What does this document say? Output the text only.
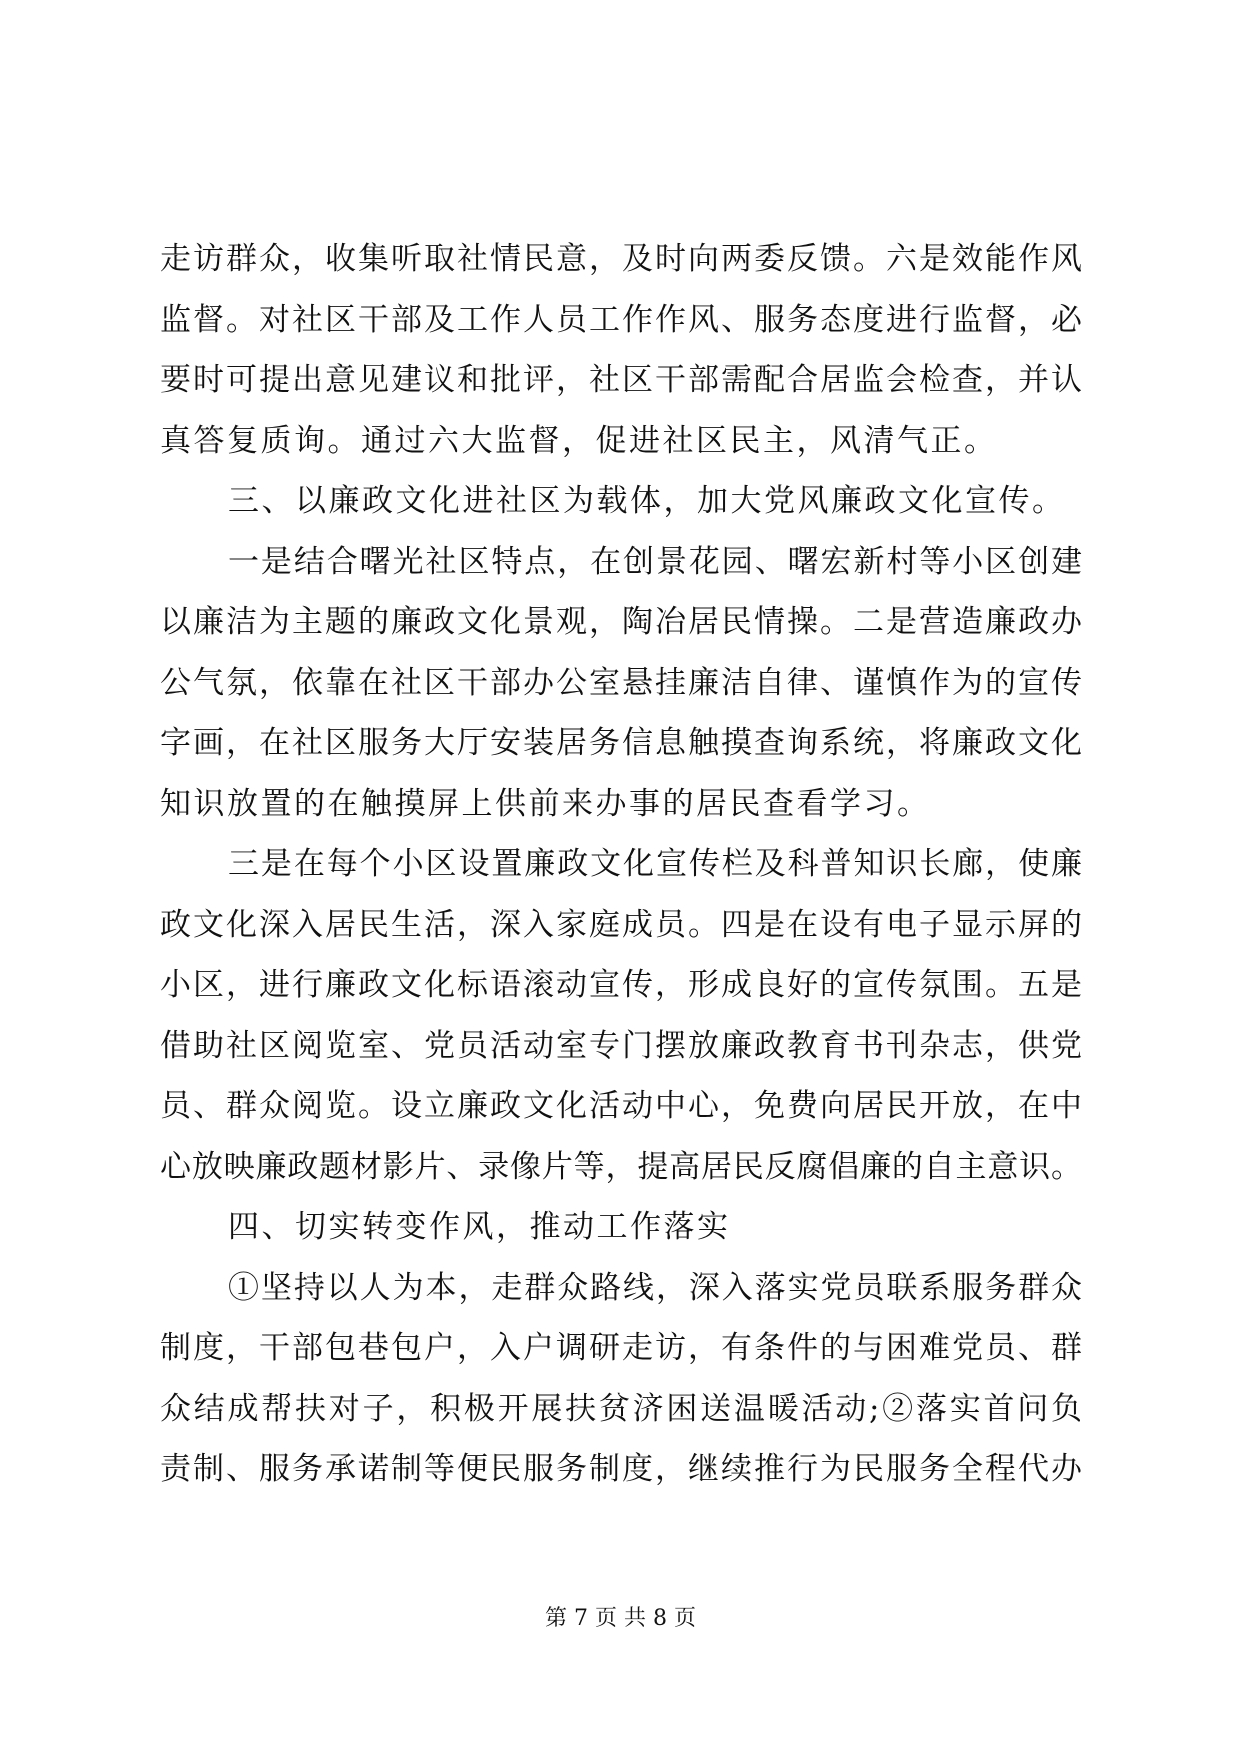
走访群众，收集听取社情民意，及时向两委反馈。六是效能作风
监督。对社区干部及工作人员工作作风、服务态度进行监督，必
要时可提出意见建议和批评，社区干部需配合居监会检查，并认
真答复质询。通过六大监督，促进社区民主，风清气正。
三、以廉政文化进社区为载体，加大党风廉政文化宣传。
一是结合曙光社区特点，在创景花园、曙宏新村等小区创建
以廉洁为主题的廉政文化景观，陶冶居民情操。二是营造廉政办
公气氛，依靠在社区干部办公室悬挂廉洁自律、谨慎作为的宣传
字画，在社区服务大厅安装居务信息触摸查询系统，将廉政文化
知识放置的在触摸屏上供前来办事的居民查看学习。
三是在每个小区设置廉政文化宣传栏及科普知识长廊，使廉
政文化深入居民生活，深入家庭成员。四是在设有电子显示屏的
小区，进行廉政文化标语滚动宣传，形成良好的宣传氛围。五是
借助社区阅览室、党员活动室专门摆放廉政教育书刊杂志，供党
员、群众阅览。设立廉政文化活动中心，免费向居民开放，在中
心放映廉政题材影片、录像片等，提高居民反腐倡廉的自主意识。
四、切实转变作风，推动工作落实
①坚持以人为本，走群众路线，深入落实党员联系服务群众
制度，干部包巷包户，入户调研走访，有条件的与困难党员、群
众结成帮扶对子，积极开展扶贫济困送温暖活动;②落实首问负
责制、服务承诺制等便民服务制度，继续推行为民服务全程代办
第 7 页 共 8 页
